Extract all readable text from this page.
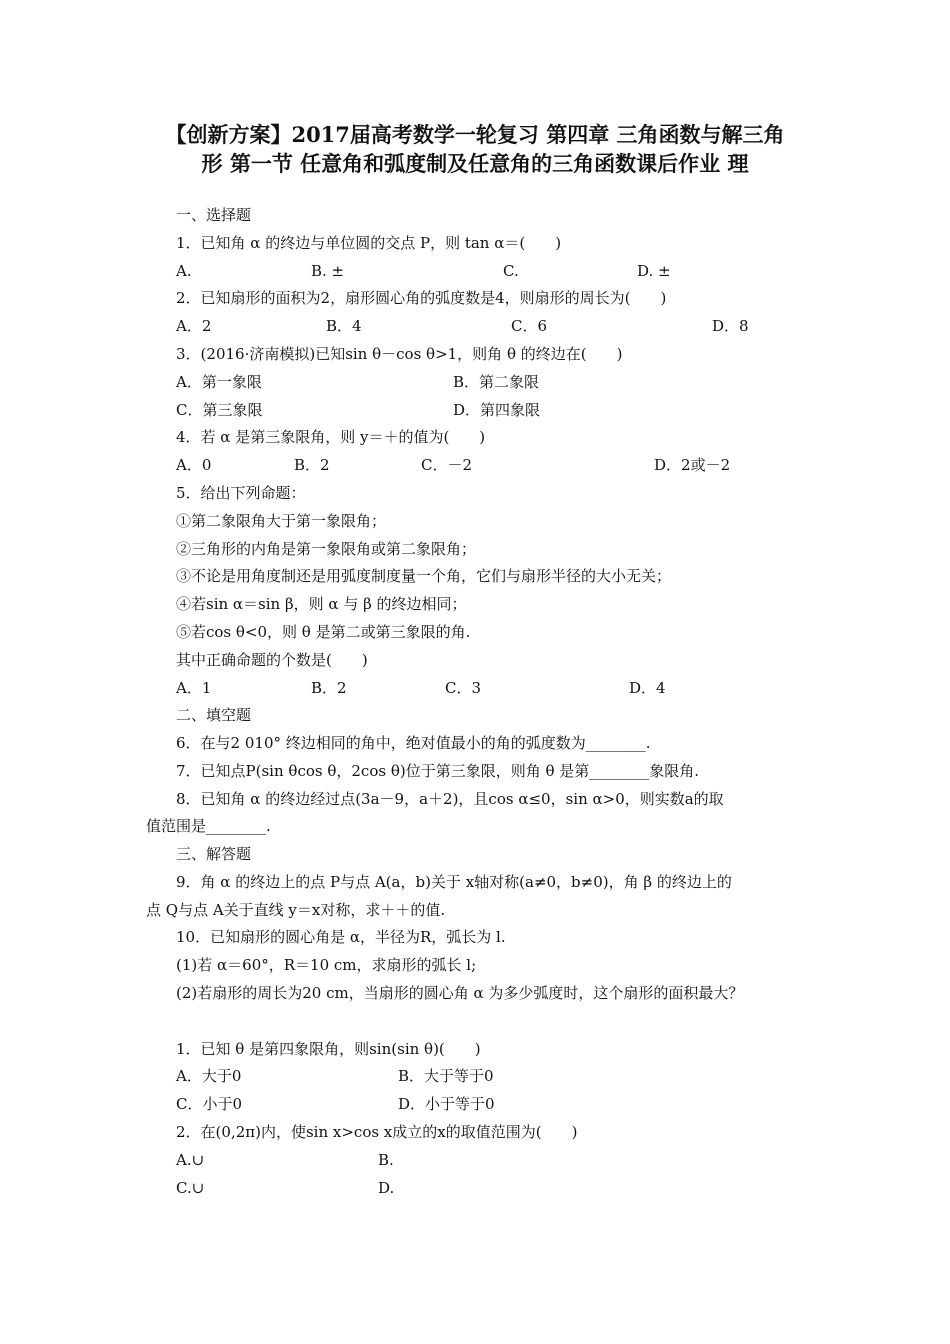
【创新方案】2017届高考数学一轮复习 第四章 三角函数与解三角
形 第一节 任意角和弧度制及任意角的三角函数课后作业 理
一、选择题
1．已知角 α 的终边与单位圆的交点 P，则 tan α＝(　　)
A.	B. ±	C.	D. ±
2．已知扇形的面积为2，扇形圆心角的弧度数是4，则扇形的周长为(　　)
A．2	B．4	C．6	D．8
3．(2016·济南模拟)已知sin θ－cos θ>1，则角 θ 的终边在(　　)
A．第一象限	B．第二象限
C．第三象限	D．第四象限
4．若 α 是第三象限角，则 y＝＋的值为(　　)
A．0	B．2	C．－2	D．2或－2
5．给出下列命题：
①第二象限角大于第一象限角；
②三角形的内角是第一象限角或第二象限角；
③不论是用角度制还是用弧度制度量一个角，它们与扇形半径的大小无关；
④若sin α＝sin β，则 α 与 β 的终边相同；
⑤若cos θ<0，则 θ 是第二或第三象限的角.
其中正确命题的个数是(　　)
A．1	B．2	C．3	D．4
二、填空题
6．在与2 010° 终边相同的角中，绝对值最小的角的弧度数为________.
7．已知点P(sin θcos θ，2cos θ)位于第三象限，则角 θ 是第________象限角.
8．已知角 α 的终边经过点(3a－9，a＋2)，且cos α≤0，sin α>0，则实数a的取
值范围是________.
三、解答题
9．角 α 的终边上的点 P与点 A(a，b)关于 x轴对称(a≠0，b≠0)，角 β 的终边上的
点 Q与点 A关于直线 y＝x对称，求＋＋的值.
10．已知扇形的圆心角是 α，半径为R，弧长为 l.
(1)若 α＝60°，R＝10 cm，求扇形的弧长 l;
(2)若扇形的周长为20 cm，当扇形的圆心角 α 为多少弧度时，这个扇形的面积最大？
1．已知 θ 是第四象限角，则sin(sin θ)(　　)
A．大于0	B．大于等于0
C．小于0	D．小于等于0
2．在(0,2π)内，使sin x>cos x成立的x的取值范围为(　　)
A.∪	B.
C.∪	D.
